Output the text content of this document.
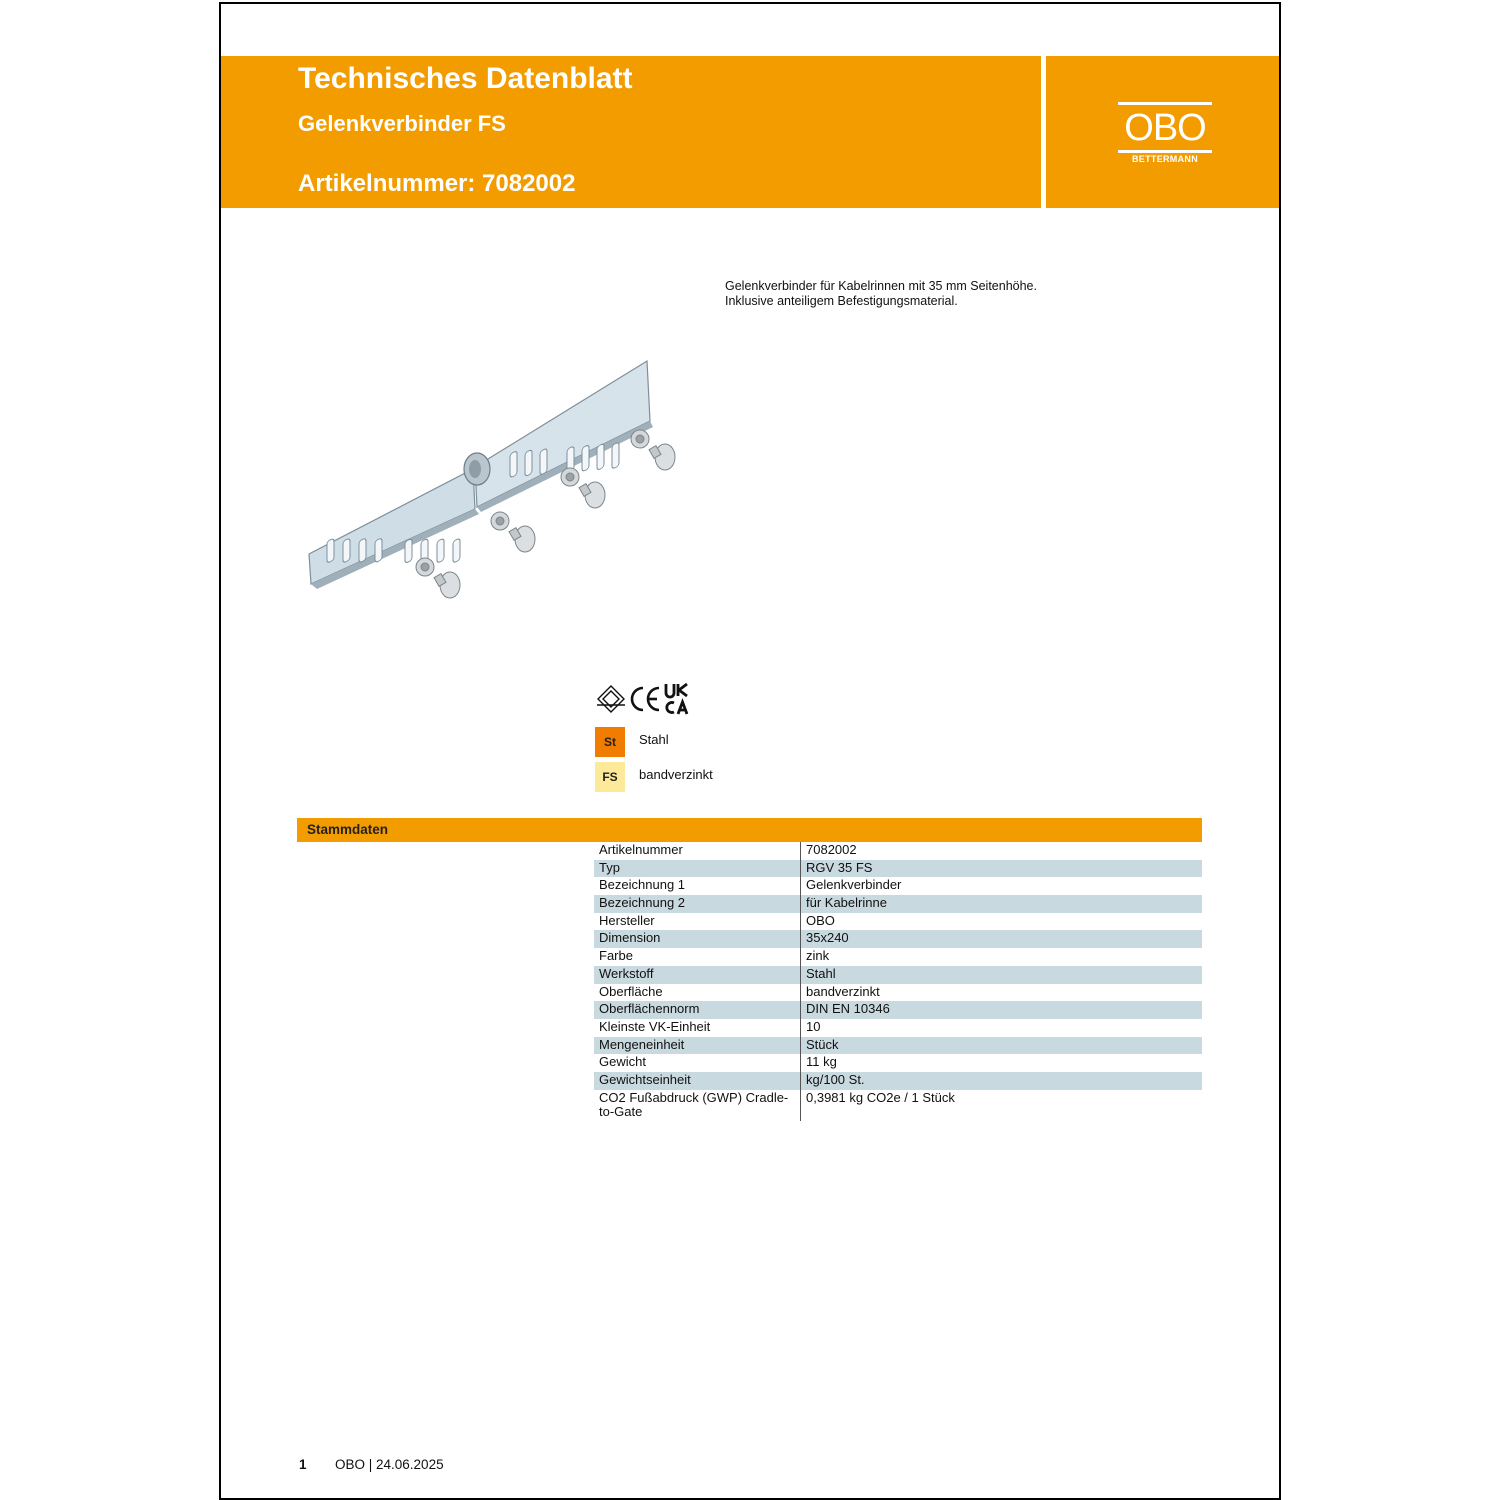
Technisches Datenblatt
Gelenkverbinder FS
Artikelnummer: 7082002
OBO
BETTERMANN
Gelenkverbinder für Kabelrinnen mit 35 mm Seitenhöhe.
Inklusive anteiligem Befestigungsmaterial.
St	Stahl
FS	bandverzinkt
Stammdaten
Artikelnummer	7082002
Typ	RGV 35 FS
Bezeichnung 1	Gelenkverbinder
Bezeichnung 2	für Kabelrinne
Hersteller	OBO
Dimension	35x240
Farbe	zink
Werkstoff	Stahl
Oberfläche	bandverzinkt
Oberflächennorm	DIN EN 10346
Kleinste VK-Einheit	10
Mengeneinheit	Stück
Gewicht	11 kg
Gewichtseinheit	kg/100 St.
CO2 Fußabdruck (GWP) Cradle-to-Gate	0,3981 kg CO2e / 1 Stück
1 OBO | 24.06.2025
